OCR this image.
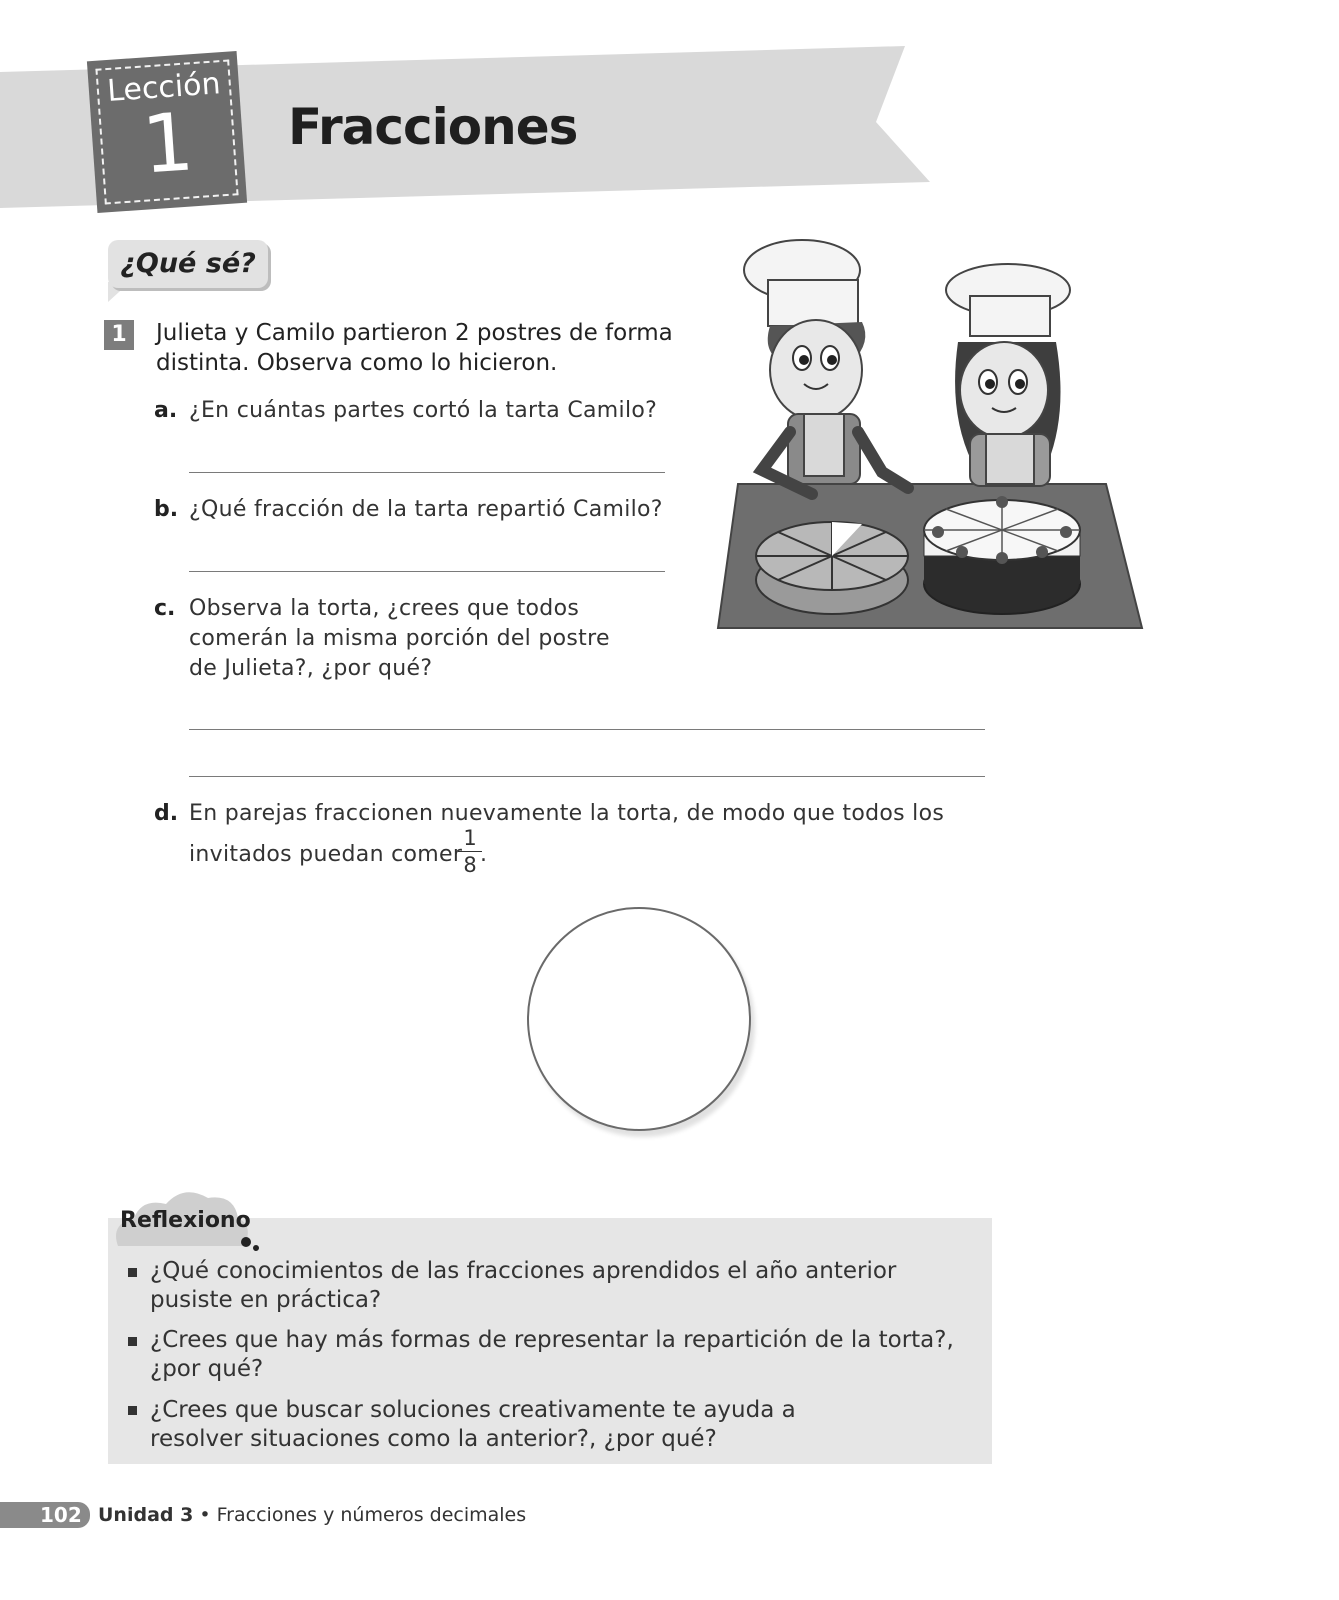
Lección
1	Fracciones
¿Qué sé?
1	Julieta y Camilo partieron 2 postres de forma distinta. Observa como lo hicieron.
a. ¿En cuántas partes cortó la tarta Camilo?
b. ¿Qué fracción de la tarta repartió Camilo?
c. Observa la torta, ¿crees que todos comerán la misma porción del postre de Julieta?, ¿por qué?
d. En parejas fraccionen nuevamente la torta, de modo que todos los
invitados puedan comer
1
8 .
Reflexiono
¿Qué conocimientos de las fracciones aprendidos el año anterior pusiste en práctica?
¿Crees que hay más formas de representar la repartición de la torta?, ¿por qué?
¿Crees que buscar soluciones creativamente te ayuda a resolver situaciones como la anterior?, ¿por qué?
102 Unidad 3 • Fracciones y números decimales
